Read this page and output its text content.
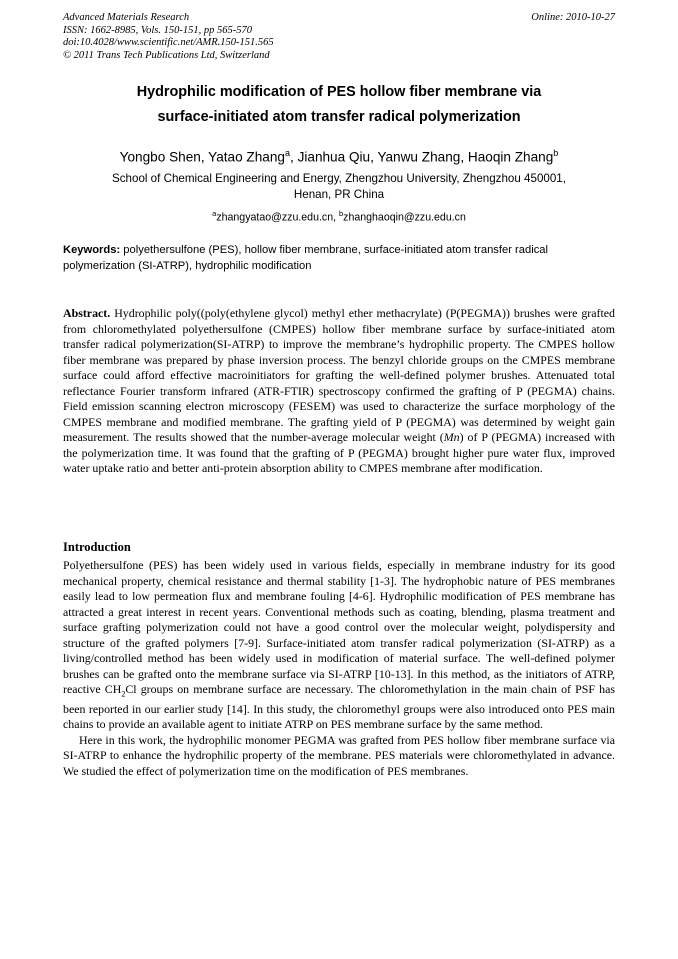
Advanced Materials Research
ISSN: 1662-8985, Vols. 150-151, pp 565-570
doi:10.4028/www.scientific.net/AMR.150-151.565
© 2011 Trans Tech Publications Ltd, Switzerland
Online: 2010-10-27
Hydrophilic modification of PES hollow fiber membrane via
surface-initiated atom transfer radical polymerization
Yongbo Shen, Yatao Zhang$^a$, Jianhua Qiu, Yanwu Zhang, Haoqin Zhang$^b$
School of Chemical Engineering and Energy, Zhengzhou University, Zhengzhou 450001,
Henan, PR China
$^a$zhangyatao@zzu.edu.cn, $^b$zhanghaoqin@zzu.edu.cn
Keywords: polyethersulfone (PES), hollow fiber membrane, surface-initiated atom transfer radical polymerization (SI-ATRP), hydrophilic modification
Abstract. Hydrophilic poly((poly(ethylene glycol) methyl ether methacrylate) (P(PEGMA)) brushes were grafted from chloromethylated polyethersulfone (CMPES) hollow fiber membrane surface by surface-initiated atom transfer radical polymerization(SI-ATRP) to improve the membrane’s hydrophilic property. The CMPES hollow fiber membrane was prepared by phase inversion process. The benzyl chloride groups on the CMPES membrane surface could afford effective macroinitiators for grafting the well-defined polymer brushes. Attenuated total reflectance Fourier transform infrared (ATR-FTIR) spectroscopy confirmed the grafting of P (PEGMA) chains. Field emission scanning electron microscopy (FESEM) was used to characterize the surface morphology of the CMPES membrane and modified membrane. The grafting yield of P (PEGMA) was determined by weight gain measurement. The results showed that the number-average molecular weight (Mn) of P (PEGMA) increased with the polymerization time. It was found that the grafting of P (PEGMA) brought higher pure water flux, improved water uptake ratio and better anti-protein absorption ability to CMPES membrane after modification.
Introduction

Polyethersulfone (PES) has been widely used in various fields, especially in membrane industry for its good mechanical property, chemical resistance and thermal stability [1-3]. The hydrophobic nature of PES membranes easily lead to low permeation flux and membrane fouling [4-6]. Hydrophilic modification of PES membrane has attracted a great interest in recent years. Conventional methods such as coating, blending, plasma treatment and surface grafting polymerization could not have a good control over the molecular weight, polydispersity and structure of the grafted polymers [7-9]. Surface-initiated atom transfer radical polymerization (SI-ATRP) as a living/controlled method has been widely used in modification of material surface. The well-defined polymer brushes can be grafted onto the membrane surface via SI-ATRP [10-13]. In this method, as the initiators of ATRP, reactive $CH_2Cl$ groups on membrane surface are necessary. The chloromethylation in the main chain of PSF has been reported in our earlier study [14]. In this study, the chloromethyl groups were also introduced onto PES main chains to provide an available agent to initiate ATRP on PES membrane surface by the same method.

Here in this work, the hydrophilic monomer PEGMA was grafted from PES hollow fiber membrane surface via SI-ATRP to enhance the hydrophilic property of the membrane. PES materials were chloromethylated in advance. We studied the effect of polymerization time on the modification of PES membranes.
